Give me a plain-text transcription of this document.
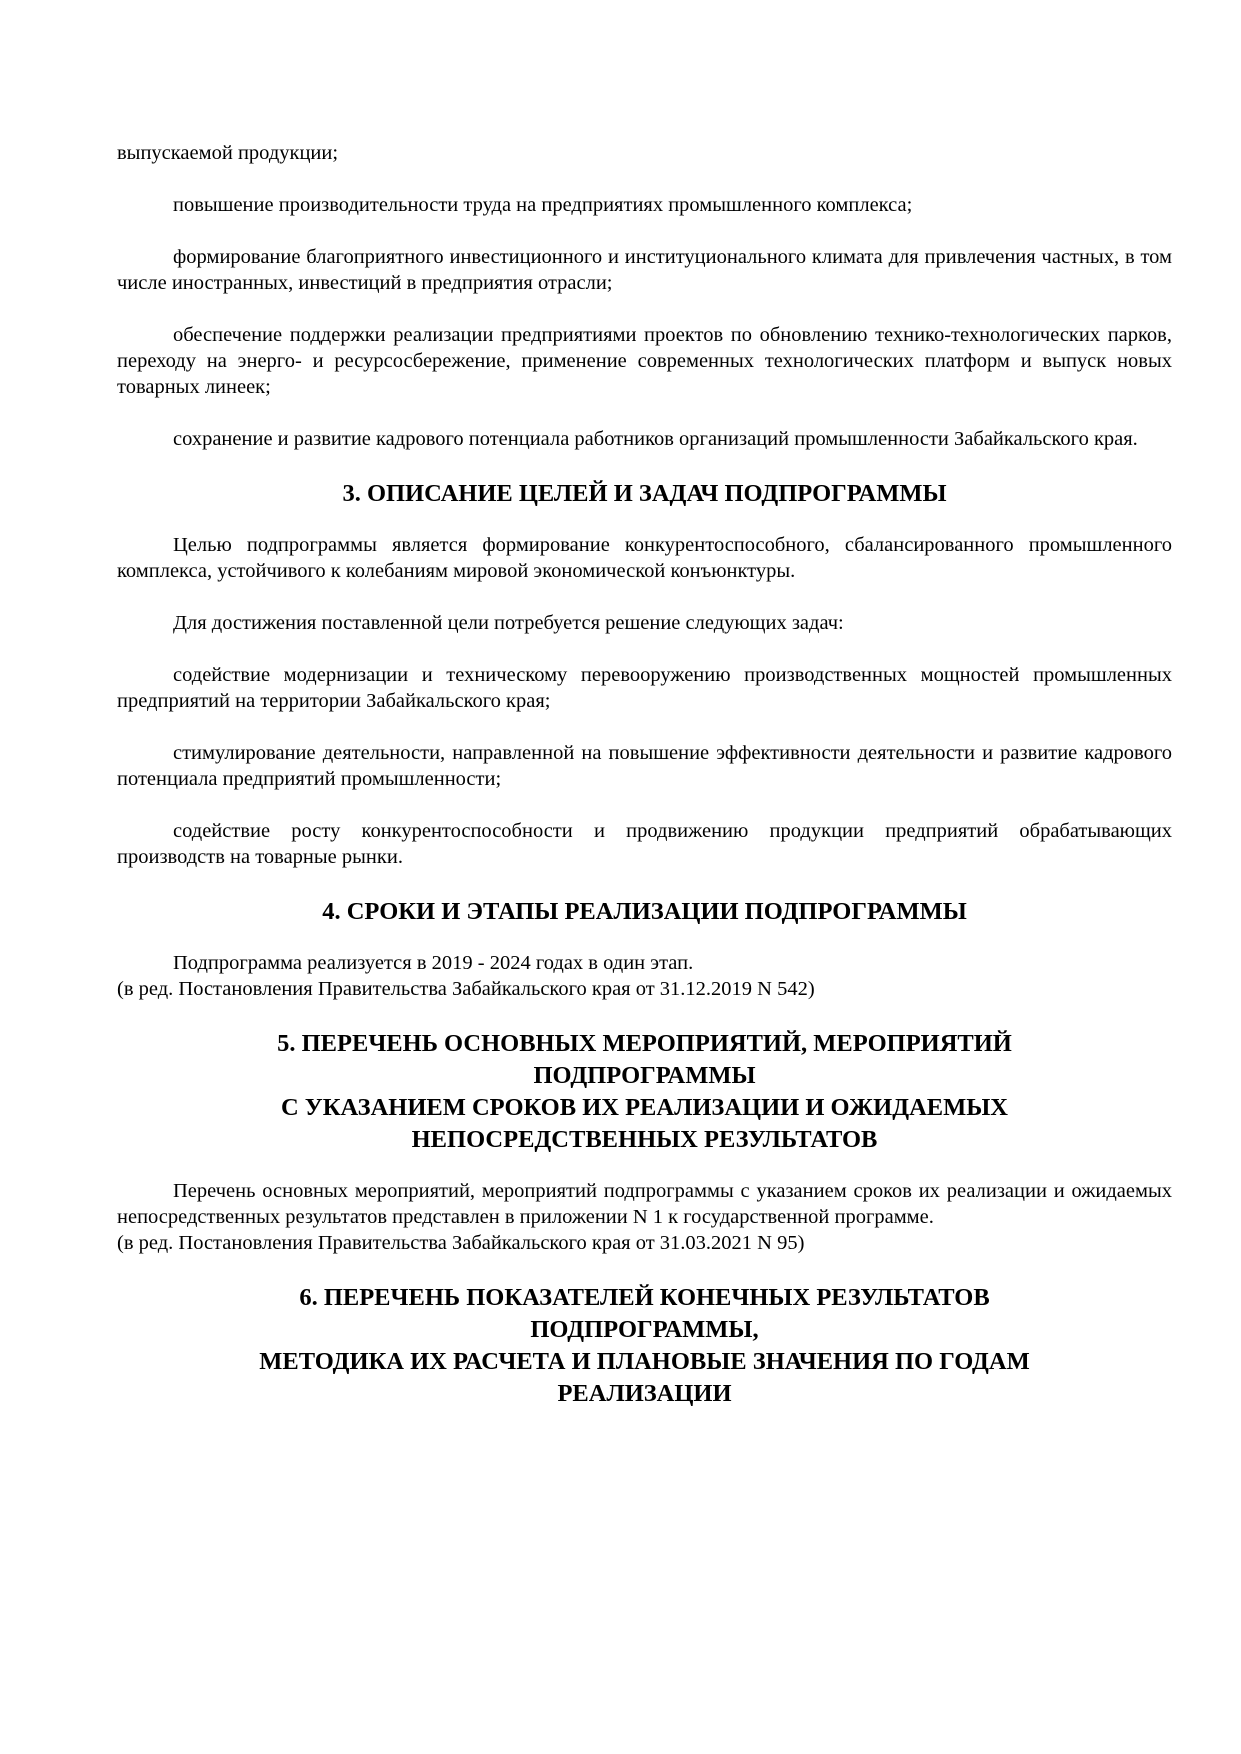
выпускаемой продукции;

повышение производительности труда на предприятиях промышленного комплекса;

формирование благоприятного инвестиционного и институционального климата для привлечения частных, в том числе иностранных, инвестиций в предприятия отрасли;

обеспечение поддержки реализации предприятиями проектов по обновлению технико-технологических парков, переходу на энерго- и ресурсосбережение, применение современных технологических платформ и выпуск новых товарных линеек;

сохранение и развитие кадрового потенциала работников организаций промышленности Забайкальского края.

3. ОПИСАНИЕ ЦЕЛЕЙ И ЗАДАЧ ПОДПРОГРАММЫ

Целью подпрограммы является формирование конкурентоспособного, сбалансированного промышленного комплекса, устойчивого к колебаниям мировой экономической конъюнктуры.

Для достижения поставленной цели потребуется решение следующих задач:

содействие модернизации и техническому перевооружению производственных мощностей промышленных предприятий на территории Забайкальского края;

стимулирование деятельности, направленной на повышение эффективности деятельности и развитие кадрового потенциала предприятий промышленности;

содействие росту конкурентоспособности и продвижению продукции предприятий обрабатывающих производств на товарные рынки.

4. СРОКИ И ЭТАПЫ РЕАЛИЗАЦИИ ПОДПРОГРАММЫ

Подпрограмма реализуется в 2019 - 2024 годах в один этап.

(в ред. Постановления Правительства Забайкальского края от 31.12.2019 N 542)

5. ПЕРЕЧЕНЬ ОСНОВНЫХ МЕРОПРИЯТИЙ, МЕРОПРИЯТИЙ
ПОДПРОГРАММЫ
С УКАЗАНИЕМ СРОКОВ ИХ РЕАЛИЗАЦИИ И ОЖИДАЕМЫХ
НЕПОСРЕДСТВЕННЫХ РЕЗУЛЬТАТОВ

Перечень основных мероприятий, мероприятий подпрограммы с указанием сроков их реализации и ожидаемых непосредственных результатов представлен в приложении N 1 к государственной программе.

(в ред. Постановления Правительства Забайкальского края от 31.03.2021 N 95)

6. ПЕРЕЧЕНЬ ПОКАЗАТЕЛЕЙ КОНЕЧНЫХ РЕЗУЛЬТАТОВ
ПОДПРОГРАММЫ,
МЕТОДИКА ИХ РАСЧЕТА И ПЛАНОВЫЕ ЗНАЧЕНИЯ ПО ГОДАМ
РЕАЛИЗАЦИИ
